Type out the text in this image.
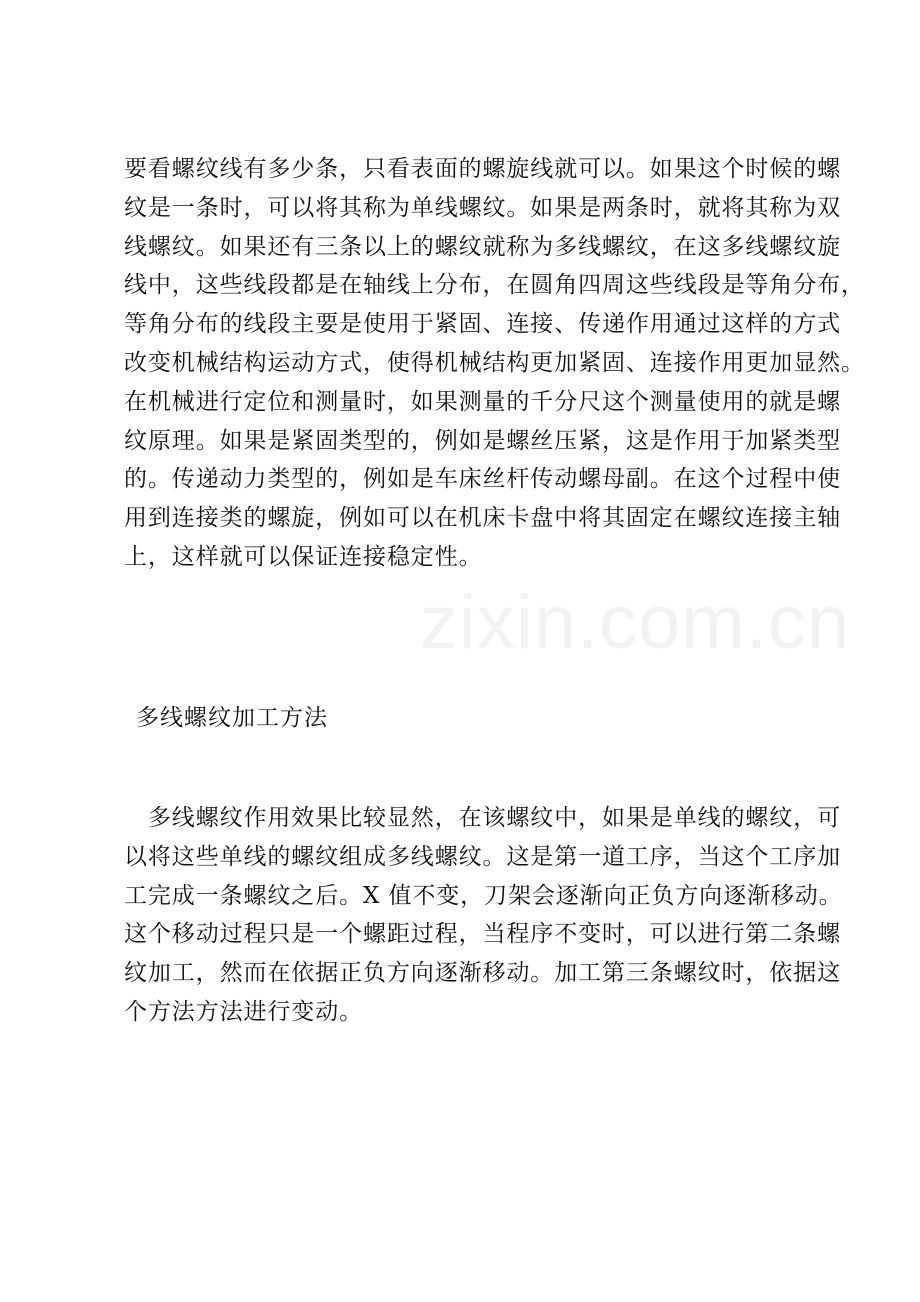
要看螺纹线有多少条，只看表面的螺旋线就可以。如果这个时候的螺
纹是一条时，可以将其称为单线螺纹。如果是两条时，就将其称为双
线螺纹。如果还有三条以上的螺纹就称为多线螺纹，在这多线螺纹旋
线中，这些线段都是在轴线上分布，在圆角四周这些线段是等角分布，
等角分布的线段主要是使用于紧固、连接、传递作用通过这样的方式
改变机械结构运动方式，使得机械结构更加紧固、连接作用更加显然。
在机械进行定位和测量时，如果测量的千分尺这个测量使用的就是螺
纹原理。如果是紧固类型的，例如是螺丝压紧，这是作用于加紧类型
的。传递动力类型的，例如是车床丝杆传动螺母副。在这个过程中使
用到连接类的螺旋，例如可以在机床卡盘中将其固定在螺纹连接主轴
上，这样就可以保证连接稳定性。

多线螺纹加工方法

　多线螺纹作用效果比较显然，在该螺纹中，如果是单线的螺纹，可
以将这些单线的螺纹组成多线螺纹。这是第一道工序，当这个工序加
工完成一条螺纹之后。X 值不变，刀架会逐渐向正负方向逐渐移动。
这个移动过程只是一个螺距过程，当程序不变时，可以进行第二条螺
纹加工，然而在依据正负方向逐渐移动。加工第三条螺纹时，依据这
个方法方法进行变动。

zixin.com.cn
